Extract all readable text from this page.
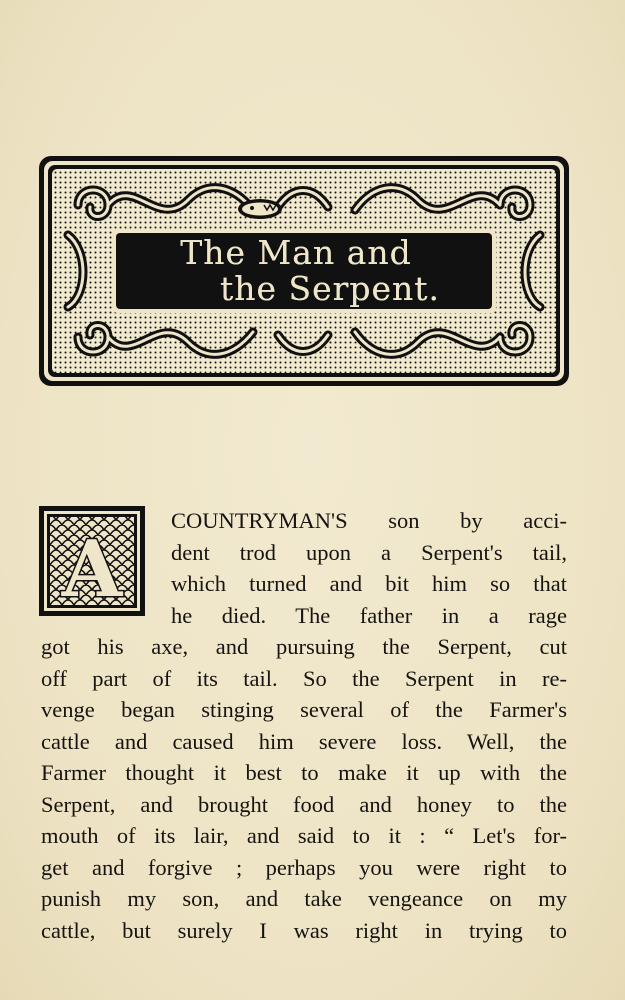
The Man and
the Serpent.
A
COUNTRYMAN'S son by acci-
dent trod upon a Serpent's tail,
which turned and bit him so that
he died. The father in a rage
got his axe, and pursuing the Serpent, cut
off part of its tail. So the Serpent in re-
venge began stinging several of the Farmer's
cattle and caused him severe loss. Well, the
Farmer thought it best to make it up with the
Serpent, and brought food and honey to the
mouth of its lair, and said to it : “ Let's for-
get and forgive ; perhaps you were right to
punish my son, and take vengeance on my
cattle, but surely I was right in trying to
